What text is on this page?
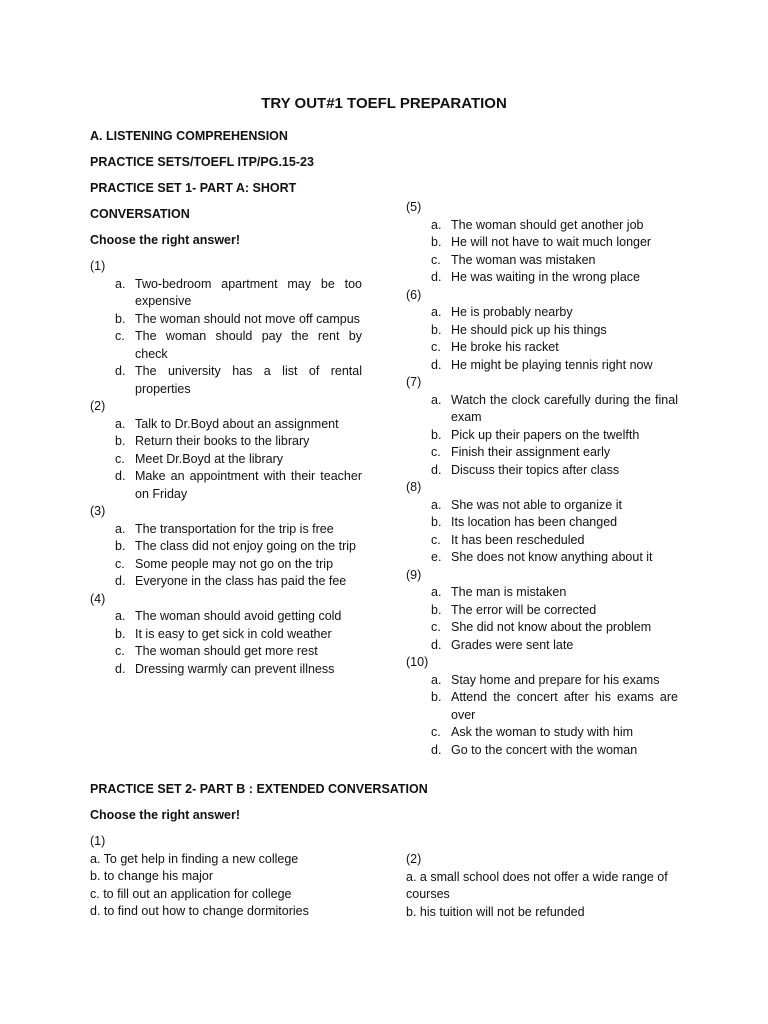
TRY OUT#1 TOEFL PREPARATION
A. LISTENING COMPREHENSION
PRACTICE SETS/TOEFL ITP/PG.15-23
PRACTICE SET 1- PART A: SHORT
CONVERSATION
Choose the right answer!
(1)
a. Two-bedroom apartment may be too expensive
b. The woman should not move off campus
c. The woman should pay the rent by check
d. The university has a list of rental properties
(2)
a. Talk to Dr.Boyd about an assignment
b. Return their books to the library
c. Meet Dr.Boyd at the library
d. Make an appointment with their teacher on Friday
(3)
a. The transportation for the trip is free
b. The class did not enjoy going on the trip
c. Some people may not go on the trip
d. Everyone in the class has paid the fee
(4)
a. The woman should avoid getting cold
b. It is easy to get sick in cold weather
c. The woman should get more rest
d. Dressing warmly can prevent illness
(5)
a. The woman should get another job
b. He will not have to wait much longer
c. The woman was mistaken
d. He was waiting in the wrong place
(6)
a. He is probably nearby
b. He should pick up his things
c. He broke his racket
d. He might be playing tennis right now
(7)
a. Watch the clock carefully during the final exam
b. Pick up their papers on the twelfth
c. Finish their assignment early
d. Discuss their topics after class
(8)
a. She was not able to organize it
b. Its location has been changed
c. It has been rescheduled
e. She does not know anything about it
(9)
a. The man is mistaken
b. The error will be corrected
c. She did not know about the problem
d. Grades were sent late
(10)
a. Stay home and prepare for his exams
b. Attend the concert after his exams are over
c. Ask the woman to study with him
d. Go to the concert with the woman
PRACTICE SET 2- PART B : EXTENDED CONVERSATION
Choose the right answer!
(1)
a. To get help in finding a new college
b. to change his major
c. to fill out an application for college
d. to find out how to change dormitories
(2)
a. a small school does not offer a wide range of courses
b. his tuition will not be refunded
